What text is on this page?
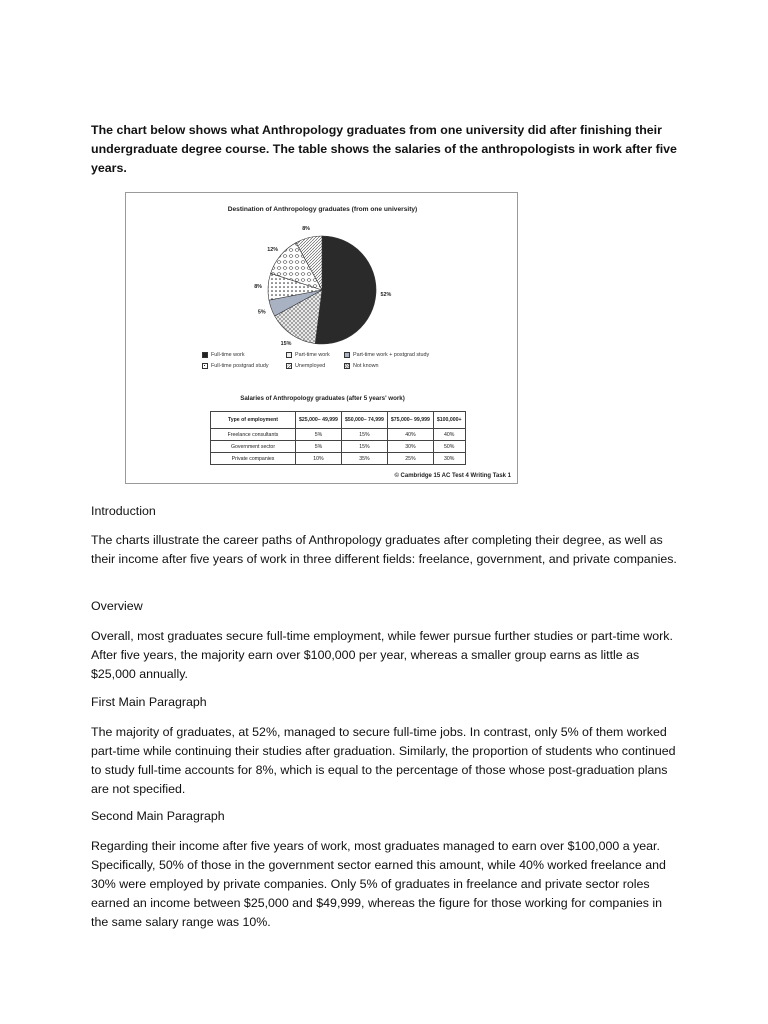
The chart below shows what Anthropology graduates from one university did after finishing their undergraduate degree course. The table shows the salaries of the anthropologists in work after five years.
Destination of Anthropology graduates (from one university)
52%
15%
5%
8%
12%
8%
Full-time work	Part-time work	Part-time work + postgrad study
Full-time postgrad study	Unemployed	Not known
Salaries of Anthropology graduates (after 5 years' work)
Type of employment	$25,000– 49,999	$50,000– 74,999	$75,000– 99,999	$100,000+
Freelance consultants	5%	15%	40%	40%
Government sector	5%	15%	30%	50%
Private companies	10%	35%	25%	30%
© Cambridge 15 AC Test 4 Writing Task 1
Introduction
The charts illustrate the career paths of Anthropology graduates after completing their degree, as well as their income after five years of work in three different fields: freelance, government, and private companies.
Overview
Overall, most graduates secure full-time employment, while fewer pursue further studies or part-time work. After five years, the majority earn over $100,000 per year, whereas a smaller group earns as little as $25,000 annually.
First Main Paragraph
The majority of graduates, at 52%, managed to secure full-time jobs. In contrast, only 5% of them worked part-time while continuing their studies after graduation. Similarly, the proportion of students who continued to study full-time accounts for 8%, which is equal to the percentage of those whose post-graduation plans are not specified.
Second Main Paragraph
Regarding their income after five years of work, most graduates managed to earn over $100,000 a year. Specifically, 50% of those in the government sector earned this amount, while 40% worked freelance and 30% were employed by private companies. Only 5% of graduates in freelance and private sector roles earned an income between $25,000 and $49,999, whereas the figure for those working for companies in the same salary range was 10%.
